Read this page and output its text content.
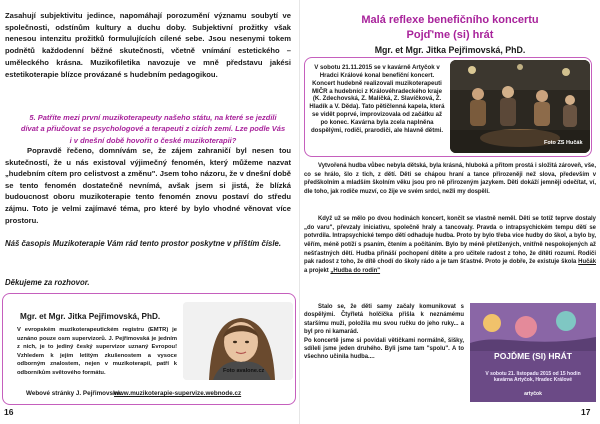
Zasahují subjektivitu jedince, napomáhají porozumění významu soubytí ve společnosti, odstínům kultury a duchu doby. Subjektivní prožitky však nenesou intenzitu prožitků formulujících cílené sebe. Jsou nesenymi tokem podnětů každodenní běžné skutečnosti, včetně vnímání estetického – uměleckého krásna. Muzikofiletika navozuje ve mně představu jakési estetikoterapie blízce provázané s hudebním pedagogikou.

5. Patříte mezi první muzikoterapeuty našeho státu, na které se jezdili dívat a přiučovat se psychologové a terapeuti z cizích zemí. Lze podle Vás i v dnešní době hovořit o české muzikoterapii?

Popravdě řečeno, domnívám se, že zájem zahraničí byl nesen tou skutečností, že u nás existoval výjimečný fenomén, který můžeme nazvat „hudebním cítem pro celistvost a změnu". Jsem toho názoru, že v dnešní době se tento fenomén dostatečně nevnímá, avšak jsem si jistá, že blízká budoucnost oboru muzikoterapie tento fenomén znovu postaví do středu zájmu. Toto je velmi zajímavé téma, pro které by bylo vhodné věnovat více prostoru.

Náš časopis Muzikoterapie Vám rád tento prostor poskytne v příštím čísle.

Děkujeme za rozhovor.

Mgr. et Mgr. Jitka Pejřimovská, PhD.

V evropském muzikoterapeutickém registru (EMTR) je uznáno pouze osm supervizorů. J. Pejřimovská je jedním z nich, je to jediný český supervizor uznaný Evropou! Vzhledem k jejím letitým zkušenostem a vysoce odborným znalostem, nejen v muzikoterapii, patří k odborníkům světového formátu.	Foto avalone.cz
Webové stránky J. Pejřimovské:
www.muzikoterapie-supervize.webnode.cz
16
Malá reflexe benefičního koncertu
Pojď'me (si) hrát
Mgr. et Mgr. Jitka Pejřimovská, PhD.

V sobotu 21.11.2015 se v kavárně Artyčok v Hradci Králové konal benefiční koncert. Koncert hudebně realizovali muzikoterapeuti MIČR a hudebníci z Královéhradeckého kraje (K. Zdechovská, Z. Malíčká, Z. Slavíčková, Z. Hladík a V. Děda). Tato pětičlenná kapela, která se vidět poprvé, improvizovala od začátku až po konec. Kavárna byla zcela naplněna dospělými, rodiči, prarodiči, ale hlavně dětmi.

Foto ZS Hučák

Vytvořená hudba vůbec nebyla dětská, byla krásná, hluboká a přitom prostá i složitá zároveň, vše, co se hrálo, šlo z tich, z dětí. Děti se chápou hraní a tance přirozeněji než slova, především v předškolním a mladším školním věku jsou pro ně přirozeným jazykem. Děti dokáží jemněji odečítat, ví, dle toho, jak rodiče muzví, co žije ve svém srdci, nežli my dospělí.

Když už se mělo po dvou hodinách koncert, končit se vlastně neměl. Děti se totiž teprve dostaly „do varu", převzaly iniciativu, společně hraly a tancovaly. Pravda o intrapsychickém tempu dětí se potvrdila. Intrapsychické tempo dětí odhaduje hudba. Proto by bylo třeba více hudby do škol, a bylo by, věřím, méně potíží s psaním, čtením a počítáním. Bylo by méně přetížených, vnitřně nespokojených až nešťastných dětí. Hudba přináší pochopení dítěte a pro učitele radost z toho, že dítěti rozumí. Rodiči pak radost z toho, že dítě chodí do školy rádo a je tam šťastné. Proto je dobře, že existuje škola Hučák a projekt „Hudba do rodin"

Stalo se, že děti samy začaly komunikovat s dospělými. Čtyřletá holčička přišla k neznámému staršímu muži, položila mu svou ručku do jeho ruky... a byl pro ni kamarád.

Po koncertě jsme si povídali větičkami normálně, šišky, sdíleli jsme jeden druhého. Byli jsme tam "spolu". A to všechno učinila hudba....	POJĎME (SI) HRÁT
V sobotu 21. listopadu 2015 od 15 hodin kavárna Artyčok, Hradec Králové
artyčok
17
